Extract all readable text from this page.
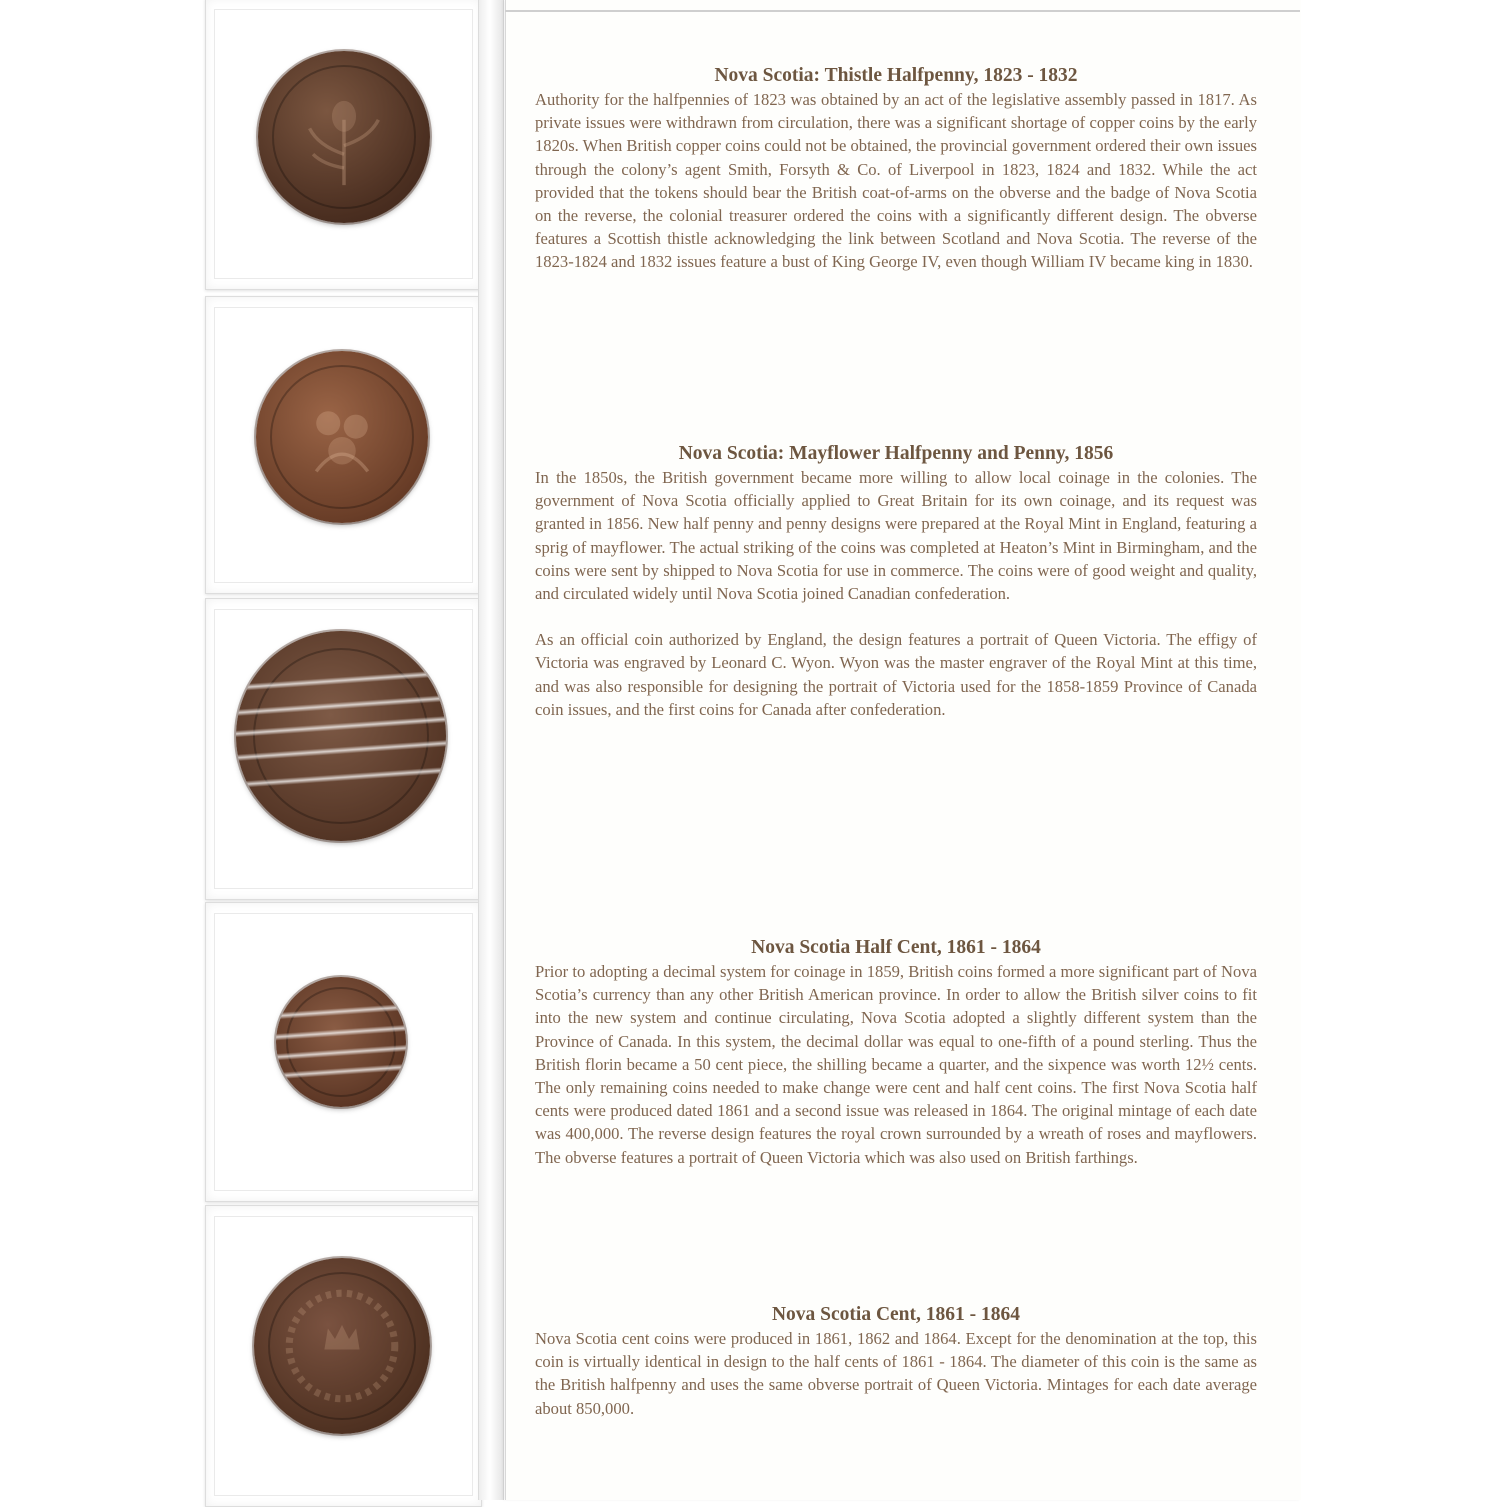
Nova Scotia: Thistle Halfpenny, 1823 - 1832

Authority for the halfpennies of 1823 was obtained by an act of the legislative assembly passed in 1817. As private issues were withdrawn from circulation, there was a significant shortage of copper coins by the early 1820s. When British copper coins could not be obtained, the provincial government ordered their own issues through the colony’s agent Smith, Forsyth & Co. of Liverpool in 1823, 1824 and 1832. While the act provided that the tokens should bear the British coat-of-arms on the obverse and the badge of Nova Scotia on the reverse, the colonial treasurer ordered the coins with a significantly different design. The obverse features a Scottish thistle acknowledging the link between Scotland and Nova Scotia. The reverse of the 1823-1824 and 1832 issues feature a bust of King George IV, even though William IV became king in 1830.

Nova Scotia: Mayflower Halfpenny and Penny, 1856

In the 1850s, the British government became more willing to allow local coinage in the colonies. The government of Nova Scotia officially applied to Great Britain for its own coinage, and its request was granted in 1856. New half penny and penny designs were prepared at the Royal Mint in England, featuring a sprig of mayflower. The actual striking of the coins was completed at Heaton’s Mint in Birmingham, and the coins were sent by shipped to Nova Scotia for use in commerce. The coins were of good weight and quality, and circulated widely until Nova Scotia joined Canadian confederation.

As an official coin authorized by England, the design features a portrait of Queen Victoria. The effigy of Victoria was engraved by Leonard C. Wyon. Wyon was the master engraver of the Royal Mint at this time, and was also responsible for designing the portrait of Victoria used for the 1858-1859 Province of Canada coin issues, and the first coins for Canada after confederation.

Nova Scotia Half Cent, 1861 - 1864

Prior to adopting a decimal system for coinage in 1859, British coins formed a more significant part of Nova Scotia’s currency than any other British American province. In order to allow the British silver coins to fit into the new system and continue circulating, Nova Scotia adopted a slightly different system than the Province of Canada. In this system, the decimal dollar was equal to one-fifth of a pound sterling. Thus the British florin became a 50 cent piece, the shilling became a quarter, and the sixpence was worth 12½ cents. The only remaining coins needed to make change were cent and half cent coins. The first Nova Scotia half cents were produced dated 1861 and a second issue was released in 1864. The original mintage of each date was 400,000. The reverse design features the royal crown surrounded by a wreath of roses and mayflowers. The obverse features a portrait of Queen Victoria which was also used on British farthings.

Nova Scotia Cent, 1861 - 1864

Nova Scotia cent coins were produced in 1861, 1862 and 1864. Except for the denomination at the top, this coin is virtually identical in design to the half cents of 1861 - 1864. The diameter of this coin is the same as the British halfpenny and uses the same obverse portrait of Queen Victoria. Mintages for each date average about 850,000.
